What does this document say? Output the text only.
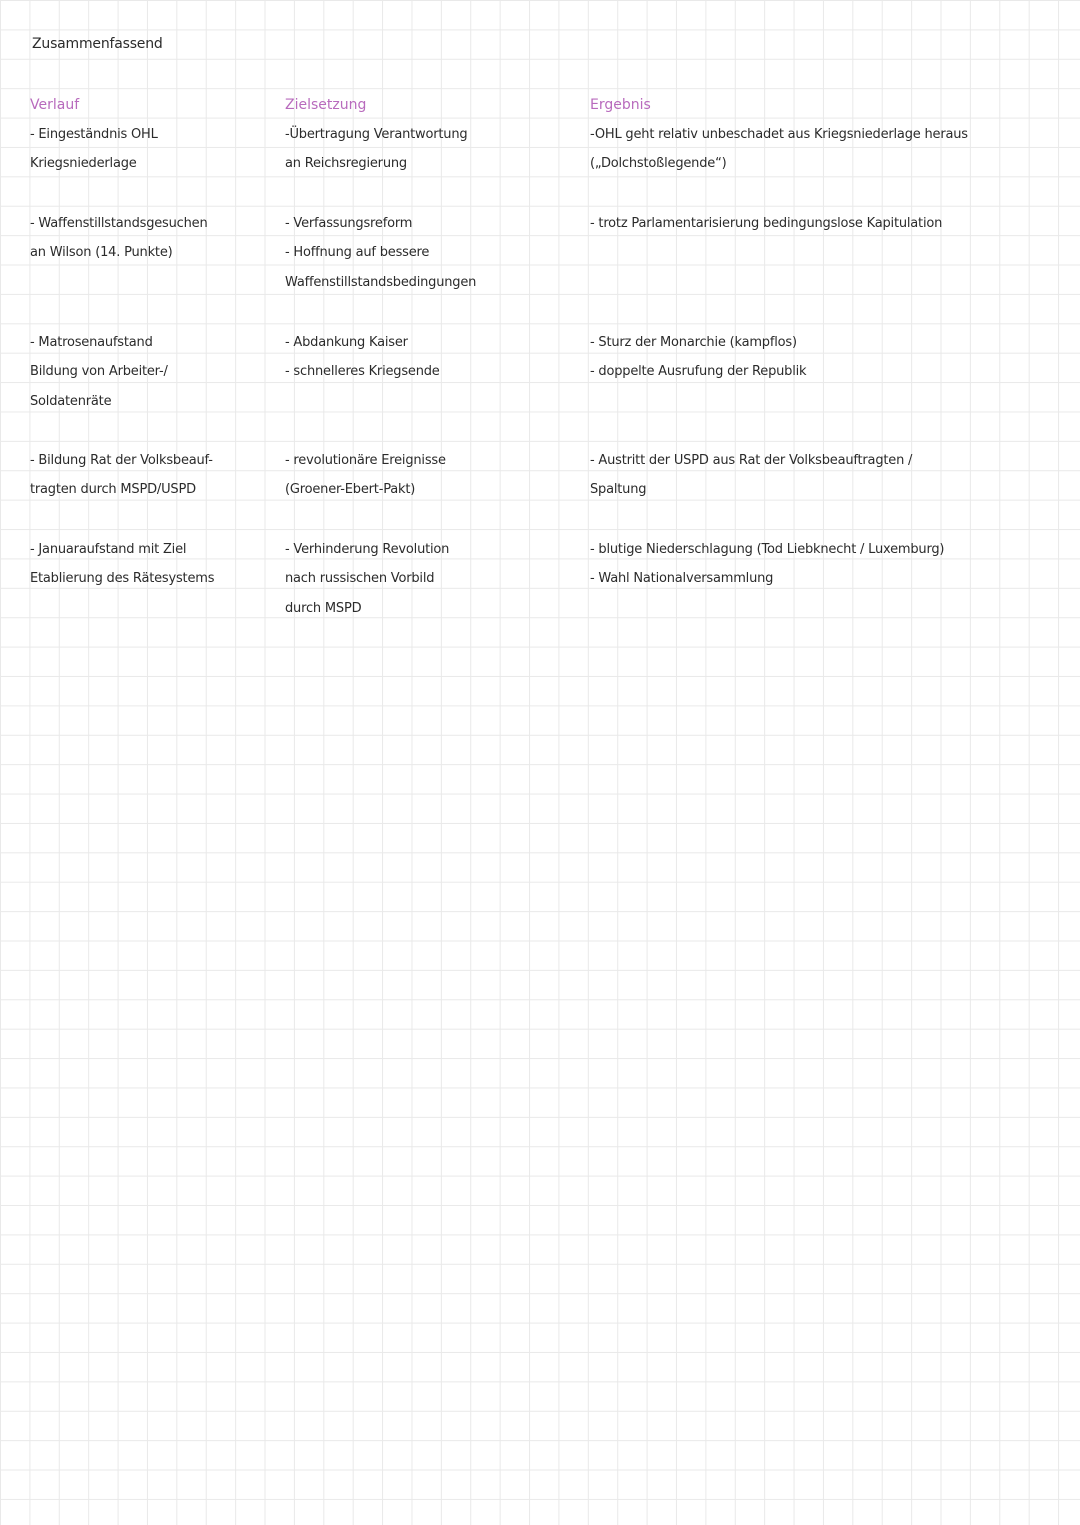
Zusammenfassend
Verlauf
- Eingeständnis OHL
Kriegsniederlage
- Waffenstillstandsgesuchen
an Wilson (14. Punkte)
- Matrosenaufstand
Bildung von Arbeiter-/
Soldatenräte
- Bildung Rat der Volksbeauf-
tragten durch MSPD/USPD
- Januaraufstand mit Ziel
Etablierung des Rätesystems
Zielsetzung
-Übertragung Verantwortung
an Reichsregierung
- Verfassungsreform
- Hoffnung auf bessere
Waffenstillstandsbedingungen
- Abdankung Kaiser
- schnelleres Kriegsende
- revolutionäre Ereignisse
(Groener-Ebert-Pakt)
- Verhinderung Revolution
nach russischen Vorbild
durch MSPD
Ergebnis
-OHL geht relativ unbeschadet aus Kriegsniederlage heraus
(„Dolchstoßlegende“)
- trotz Parlamentarisierung bedingungslose Kapitulation
- Sturz der Monarchie (kampflos)
- doppelte Ausrufung der Republik
- Austritt der USPD aus Rat der Volksbeauftragten /
Spaltung
- blutige Niederschlagung (Tod Liebknecht / Luxemburg)
- Wahl Nationalversammlung
